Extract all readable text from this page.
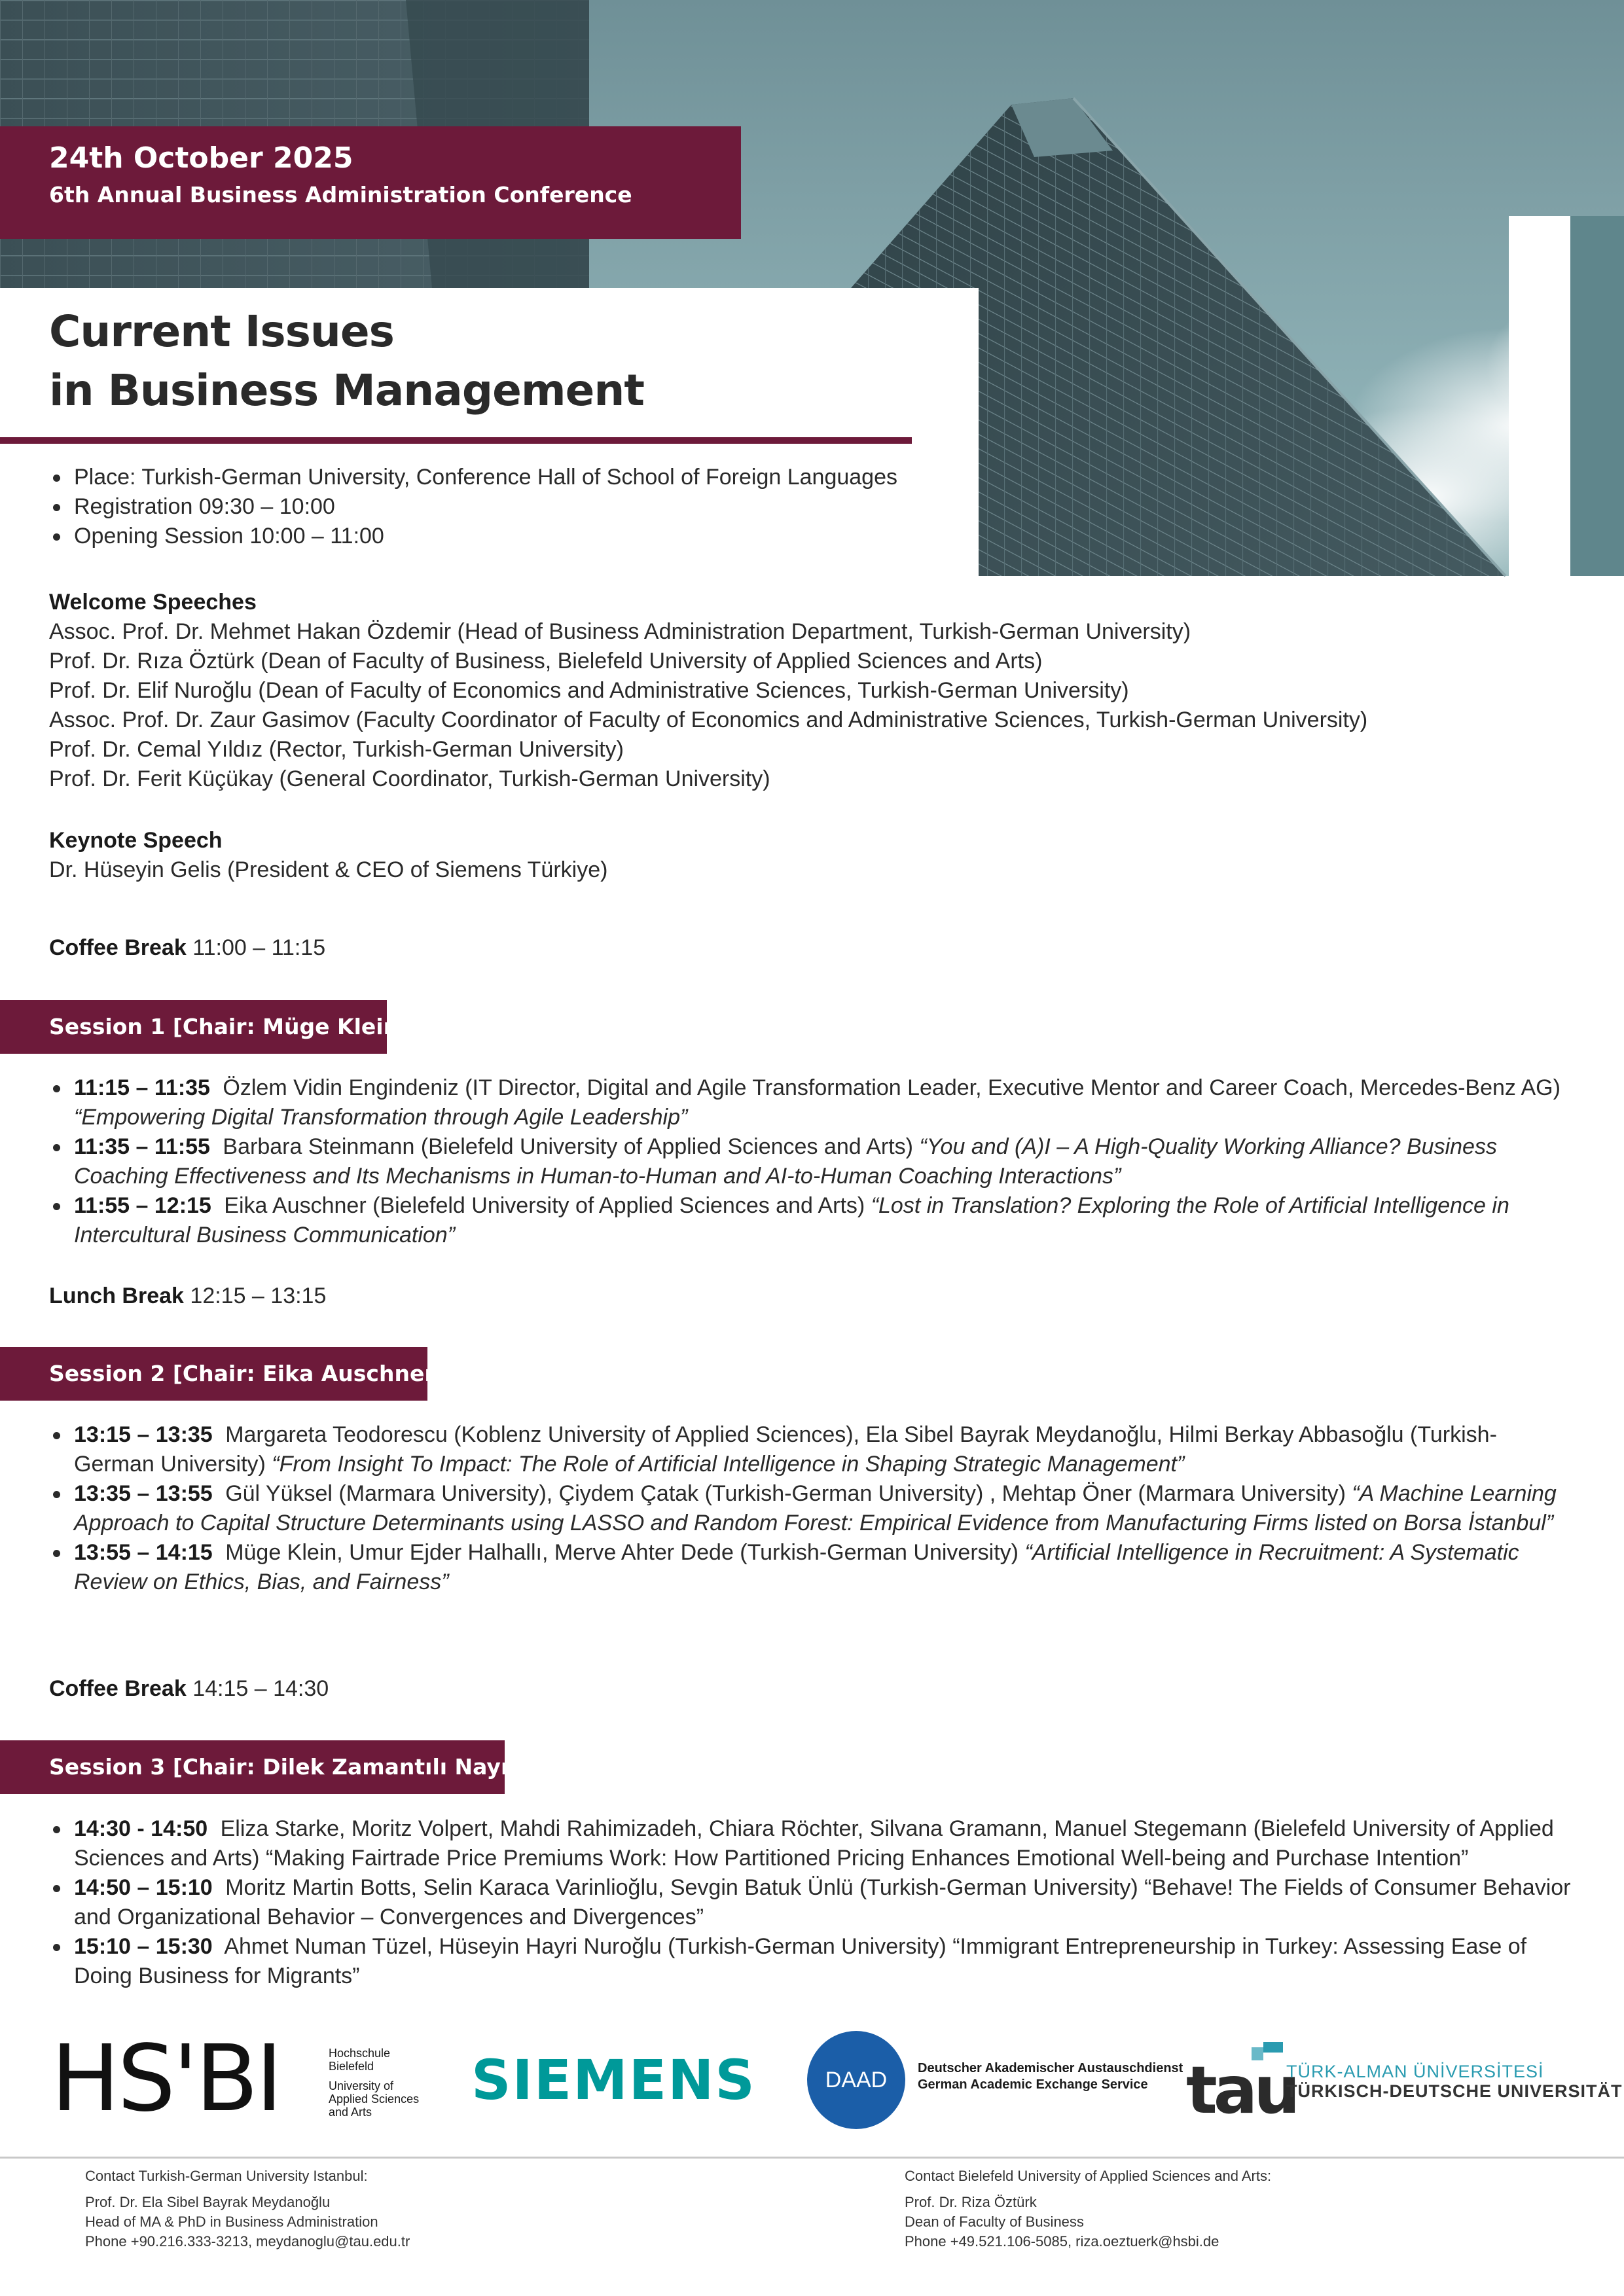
24th October 2025
6th Annual Business Administration Conference
Current Issues
in Business Management
Place: Turkish-German University, Conference Hall of School of Foreign Languages
Registration 09:30 – 10:00
Opening Session 10:00 – 11:00
Welcome Speeches
Assoc. Prof. Dr. Mehmet Hakan Özdemir (Head of Business Administration Department, Turkish-German University)
Prof. Dr. Rıza Öztürk (Dean of Faculty of Business, Bielefeld University of Applied Sciences and Arts)
Prof. Dr. Elif Nuroğlu (Dean of Faculty of Economics and Administrative Sciences, Turkish-German University)
Assoc. Prof. Dr. Zaur Gasimov (Faculty Coordinator of Faculty of Economics and Administrative Sciences, Turkish-German University)
Prof. Dr. Cemal Yıldız (Rector, Turkish-German University)
Prof. Dr. Ferit Küçükay (General Coordinator, Turkish-German University)
Keynote Speech
Dr. Hüseyin Gelis (President & CEO of Siemens Türkiye)
Coffee Break 11:00 – 11:15
Session 1 [Chair: Müge Klein]
11:15 – 11:35 Özlem Vidin Engindeniz (IT Director, Digital and Agile Transformation Leader, Executive Mentor and Career Coach, Mercedes-Benz AG) “Empowering Digital Transformation through Agile Leadership”
11:35 – 11:55 Barbara Steinmann (Bielefeld University of Applied Sciences and Arts) “You and (A)I – A High-Quality Working Alliance? Business Coaching Effectiveness and Its Mechanisms in Human-to-Human and AI-to-Human Coaching Interactions”
11:55 – 12:15 Eika Auschner (Bielefeld University of Applied Sciences and Arts) “Lost in Translation? Exploring the Role of Artificial Intelligence in Intercultural Business Communication”
Lunch Break 12:15 – 13:15
Session 2 [Chair: Eika Auschner]
13:15 – 13:35 Margareta Teodorescu (Koblenz University of Applied Sciences), Ela Sibel Bayrak Meydanoğlu, Hilmi Berkay Abbasoğlu (Turkish-German University) “From Insight To Impact: The Role of Artificial Intelligence in Shaping Strategic Management”
13:35 – 13:55 Gül Yüksel (Marmara University), Çiydem Çatak (Turkish-German University) , Mehtap Öner (Marmara University) “A Machine Learning Approach to Capital Structure Determinants using LASSO and Random Forest: Empirical Evidence from Manufacturing Firms listed on Borsa İstanbul”
13:55 – 14:15 Müge Klein, Umur Ejder Halhallı, Merve Ahter Dede (Turkish-German University) “Artificial Intelligence in Recruitment: A Systematic Review on Ethics, Bias, and Fairness”
Coffee Break 14:15 – 14:30
Session 3 [Chair: Dilek Zamantılı Nayır]
14:30 - 14:50 Eliza Starke, Moritz Volpert, Mahdi Rahimizadeh, Chiara Röchter, Silvana Gramann, Manuel Stegemann (Bielefeld University of Applied Sciences and Arts) “Making Fairtrade Price Premiums Work: How Partitioned Pricing Enhances Emotional Well-being and Purchase Intention”
14:50 – 15:10 Moritz Martin Botts, Selin Karaca Varinlioğlu, Sevgin Batuk Ünlü (Turkish-German University) “Behave! The Fields of Consumer Behavior and Organizational Behavior – Convergences and Divergences”
15:10 – 15:30 Ahmet Numan Tüzel, Hüseyin Hayri Nuroğlu (Turkish-German University) “Immigrant Entrepreneurship in Turkey: Assessing Ease of Doing Business for Migrants”
HS'BI	Hochschule
Bielefeld
University of
Applied Sciences
and Arts	SIEMENS	DAAD	Deutscher Akademischer Austauschdienst
German Academic Exchange Service tau
TÜRK-ALMAN ÜNİVERSİTESİ
TÜRKISCH-DEUTSCHE UNIVERSITÄT
Contact Turkish-German University Istanbul:
Prof. Dr. Ela Sibel Bayrak Meydanoğlu
Head of MA & PhD in Business Administration
Phone +90.216.333-3213, meydanoglu@tau.edu.tr
Contact Bielefeld University of Applied Sciences and Arts:
Prof. Dr. Riza Öztürk
Dean of Faculty of Business
Phone +49.521.106-5085, riza.oeztuerk@hsbi.de
